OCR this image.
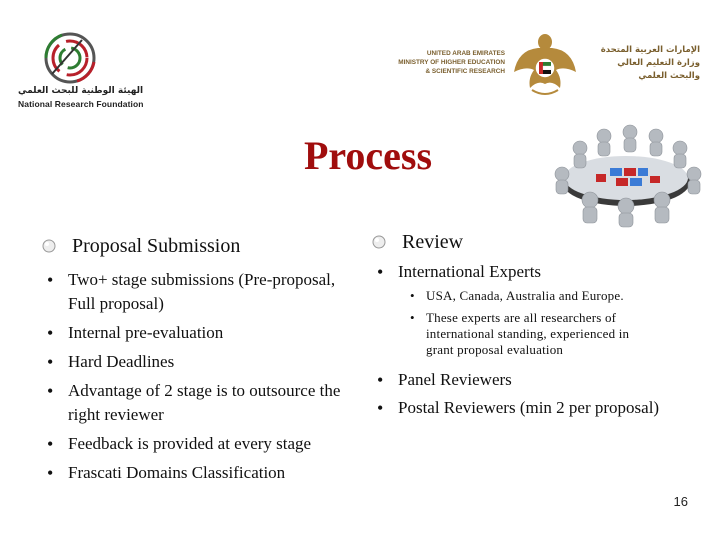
الهيئة الوطنية للبحث العلمي
National Research Foundation
UNITED ARAB EMIRATES
MINISTRY OF HIGHER EDUCATION
& SCIENTIFIC RESEARCH
الإمارات العربية المتحدة
وزارة التعليم العالي
والبحث العلمي
Process
Proposal Submission
• Two+ stage submissions (Pre-proposal, Full proposal)
• Internal pre-evaluation
• Hard Deadlines
• Advantage of 2 stage is to outsource the right reviewer
• Feedback is provided at every stage
• Frascati Domains Classification
Review
• International Experts
• USA, Canada, Australia and Europe.
• These experts are all researchers of international standing, experienced in grant proposal evaluation
• Panel Reviewers
• Postal Reviewers (min 2 per proposal)
16
